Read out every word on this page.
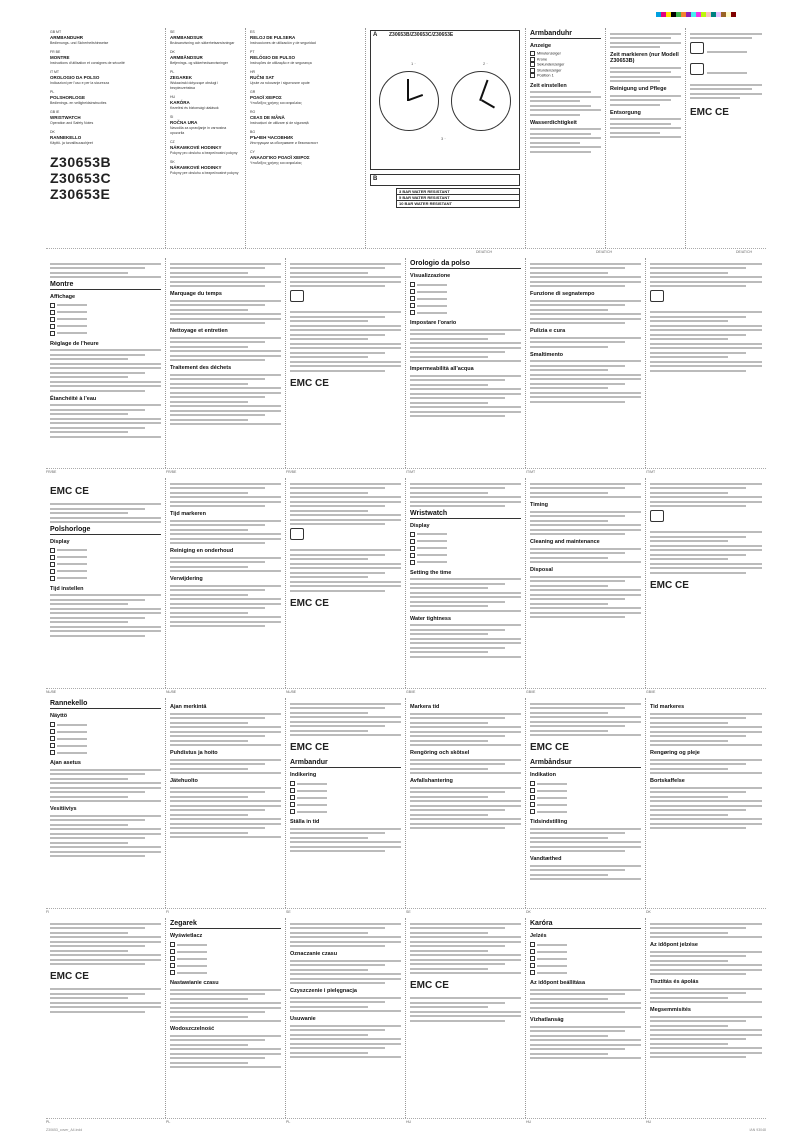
GB MT
ARMBANDUHR
Bedienungs- und Sicherheitshinweise
FR BE
MONTRE
Instructions d'utilisation et consignes de sécurité
IT MT
OROLOGIO DA POLSO
Indicazioni per l'uso e per la sicurezza
PL
POLSHORLOGE
Bedienings- en veiligheidsinstructies
GB IE
WRISTWATCH
Operation and Safety Notes
DK
RANNEKELLO
Käyttö- ja turvallisuusohjeet
Z30653B
Z30653C
Z30653E
SE
ARMBANDSUR
Bruksanvisning och säkerhetsanvisningar
DK
ARMBÅNDSUR
Betjenings- og sikkerhedsanvisninger
PL
ZEGAREK
Wskazówki dotyczące obsługi i bezpieczeństwa
HU
KARÓRA
Kezelési és biztonsági utalások
SI
ROČNA URA
Navodila za upravljanje in varnostna opozorila
CZ
NÁRAMKOVÉ HODINKY
Pokyny pro obsluhu a bezpečnostní pokyny
SK
NÁRAMKOVÉ HODINKY
Pokyny pre obsluhu a bezpečnostné pokyny
ES
RELOJ DE PULSERA
Instrucciones de utilización y de seguridad
PT
RELÓGIO DE PULSO
Instruções de utilização e de segurança
HR
RUČNI SAT
Upute za rukovanje i sigurnosne upute
GR
ΡΟΛΟΪ ΧΕΙΡΟΣ
Υποδείξεις χρήσης και ασφαλείας
RO
CEAS DE MÂNĂ
Instrucțiuni de utilizare și de siguranță
BG
РЪЧЕН ЧАСОВНИК
Инструкции за обслужване и безопасност
CY
ΑΝΑΛΟΓΙΚΟ ΡΟΛΟΪ ΧΕΙΡΟΣ
Υποδείξεις χρήσης και ασφαλείας
A Z30653B/Z30653C/Z30653E
1 ·	2 ·
3 ·
B
3 BAR WATER RESISTANT
5 BAR WATER RESISTANT
10 BAR WATER RESISTANT
Armbanduhr
Anzeige
Minutenzeiger
Krone
Sekundenzeiger
Stundenzeiger
Position 1
Zeit einstellen
Wasserdichtigkeit
Zeit markieren (nur Modell Z30653B)
Reinigung und Pflege
Entsorgung	EMC CE
DE/AT/CH	DE/AT/CH	DE/AT/CH
Montre
Affichage
Réglage de l'heure
Étanchéité à l'eau
Marquage du temps
Nettoyage et entretien
Traitement des déchets
EMC CE
Orologio da polso
Visualizzazione
Impostare l'orario
Impermeabilità all'acqua
Funzione di segnatempo
Pulizia e cura
Smaltimento
FR/BE	FR/BE	FR/BE	IT/MT	IT/MT	IT/MT
EMC CE
Polshorloge
Display
Tijd instellen
Tijd markeren
Reiniging en onderhoud
Verwijdering
EMC CE
Wristwatch
Display
Setting the time
Water tightness
Timing
Cleaning and maintenance
Disposal
EMC CE
NL/BE	NL/BE	NL/BE	GB/IE	GB/IE	GB/IE
Rannekello
Näyttö
Ajan asetus
Vesitiiviys
Ajan merkintä
Puhdistus ja hoito
Jätehuolto
EMC CE
Armbandur
Indikering
Ställa in tid
Markera tid
Rengöring och skötsel
Avfallshantering
EMC CE
Armbåndsur
Indikation
Tidsindstilling
Vandtæthed
Tid markeres
Rengøring og pleje
Bortskaffelse
FI	FI	SE	SE	DK	DK
EMC CE
Zegarek
Wyświetlacz
Nastawianie czasu
Wodoszczelność
Oznaczanie czasu
Czyszczenie i pielęgnacja
Usuwanie
EMC CE
Karóra
Jelzés
Az időpont beállítása
Vízhatlanság
Az időpont jelzése
Tisztítás és ápolás
Megsemmisítés
PL	PL	PL	HU	HU	HU
Z30653_cover_A4.indd	IAN 93048
